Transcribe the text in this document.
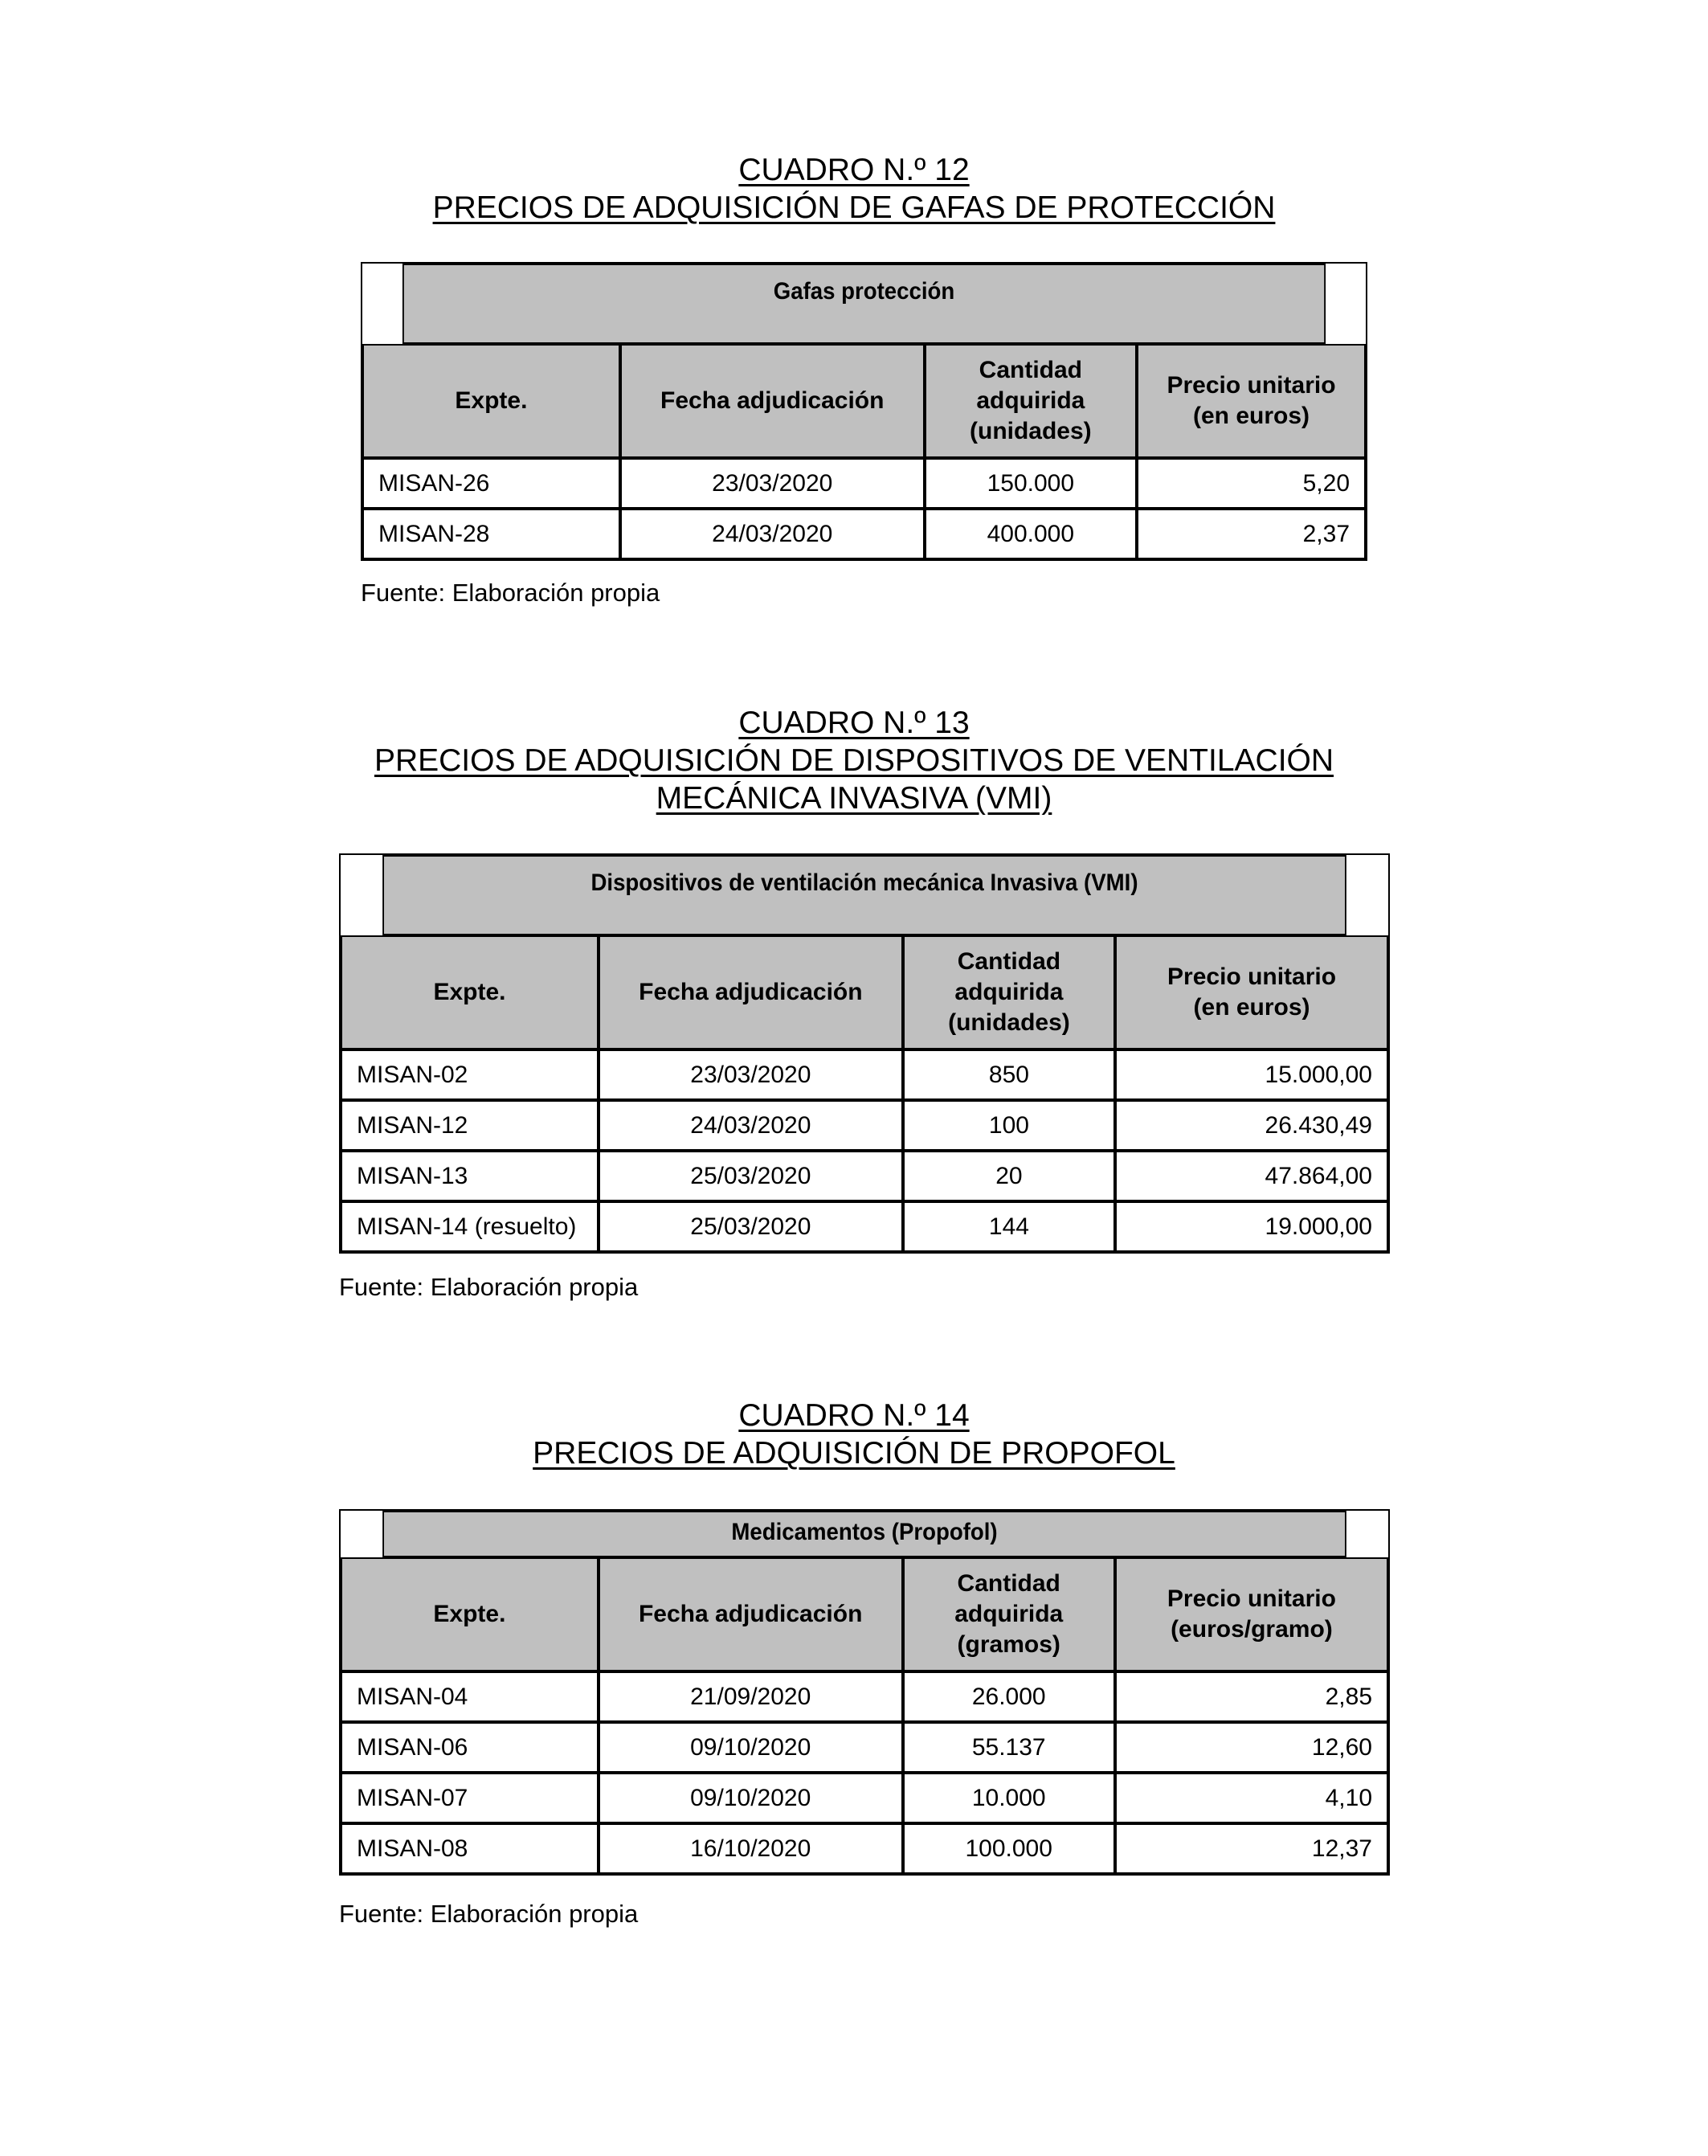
CUADRO N.º 12
PRECIOS DE ADQUISICIÓN DE GAFAS DE PROTECCIÓN
Gafas protección			
Expte.	Fecha adjudicación	Cantidad adquirida (unidades)	Precio unitario (en euros)
MISAN-26	23/03/2020	150.000	5,20
MISAN-28	24/03/2020	400.000	2,37
Fuente: Elaboración propia
CUADRO N.º 13
PRECIOS DE ADQUISICIÓN DE DISPOSITIVOS DE VENTILACIÓN
MECÁNICA INVASIVA (VMI)
Dispositivos de ventilación mecánica Invasiva (VMI)			
Expte.	Fecha adjudicación	Cantidad adquirida (unidades)	Precio unitario (en euros)
MISAN-02	23/03/2020	850	15.000,00
MISAN-12	24/03/2020	100	26.430,49
MISAN-13	25/03/2020	20	47.864,00
MISAN-14 (resuelto)	25/03/2020	144	19.000,00
Fuente: Elaboración propia
CUADRO N.º 14
PRECIOS DE ADQUISICIÓN DE PROPOFOL
Medicamentos (Propofol)			
Expte.	Fecha adjudicación	Cantidad adquirida (gramos)	Precio unitario (euros/gramo)
MISAN-04	21/09/2020	26.000	2,85
MISAN-06	09/10/2020	55.137	12,60
MISAN-07	09/10/2020	10.000	4,10
MISAN-08	16/10/2020	100.000	12,37
Fuente: Elaboración propia
